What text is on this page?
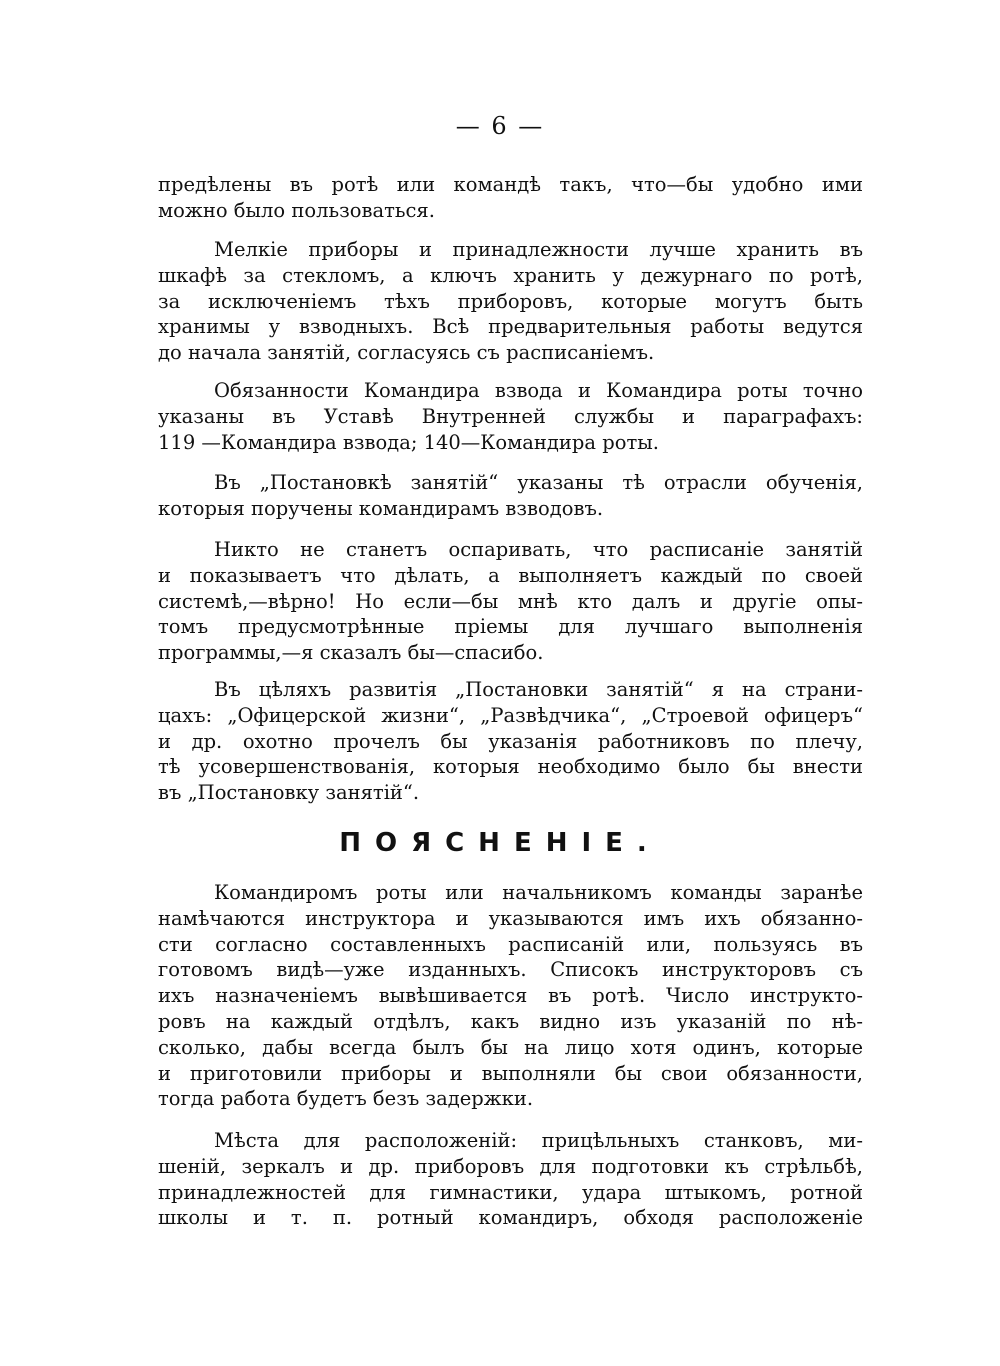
— 6 —
предѣлены въ ротѣ или командѣ такъ, что—бы удобно ими
можно было пользоваться.
Мелкіе приборы и принадлежности лучше хранить въ
шкафѣ за стекломъ, а ключъ хранить у дежурнаго по ротѣ,
за исключеніемъ тѣхъ приборовъ, которые могутъ быть
хранимы у взводныхъ. Всѣ предварительныя работы ведутся
до начала занятій, согласуясь съ расписаніемъ.
Обязанности Командира взвода и Командира роты точно
указаны въ Уставѣ Внутренней службы и параграфахъ:
119 —Командира взвода; 140—Командира роты.
Въ „Постановкѣ занятій“ указаны тѣ отрасли обученія,
которыя поручены командирамъ взводовъ.
Никто не станетъ оспаривать, что расписаніе занятій
и показываетъ что дѣлать, а выполняетъ каждый по своей
системѣ,—вѣрно! Но если—бы мнѣ кто далъ и другіе опы-
томъ предусмотрѣнные пріемы для лучшаго выполненія
программы,—я сказалъ бы—спасибо.
Въ цѣляхъ развитія „Постановки занятій“ я на страни-
цахъ: „Офицерской жизни“, „Развѣдчика“, „Строевой офицеръ“
и др. охотно прочелъ бы указанія работниковъ по плечу,
тѣ усовершенствованія, которыя необходимо было бы внести
въ „Постановку занятій“.
ПОЯСНЕНІЕ.
Командиромъ роты или начальникомъ команды заранѣе
намѣчаются инструктора и указываются имъ ихъ обязанно-
сти согласно составленныхъ расписаній или, пользуясь въ
готовомъ видѣ—уже изданныхъ. Списокъ инструкторовъ съ
ихъ назначеніемъ вывѣшивается въ ротѣ. Число инструкто-
ровъ на каждый отдѣлъ, какъ видно изъ указаній по нѣ-
сколько, дабы всегда былъ бы на лицо хотя одинъ, которые
и приготовили приборы и выполняли бы свои обязанности,
тогда работа будетъ безъ задержки.
Мѣста для расположеній: прицѣльныхъ станковъ, ми-
шеній, зеркалъ и др. приборовъ для подготовки къ стрѣльбѣ,
принадлежностей для гимнастики, удара штыкомъ, ротной
школы и т. п. ротный командиръ, обходя расположеніе
